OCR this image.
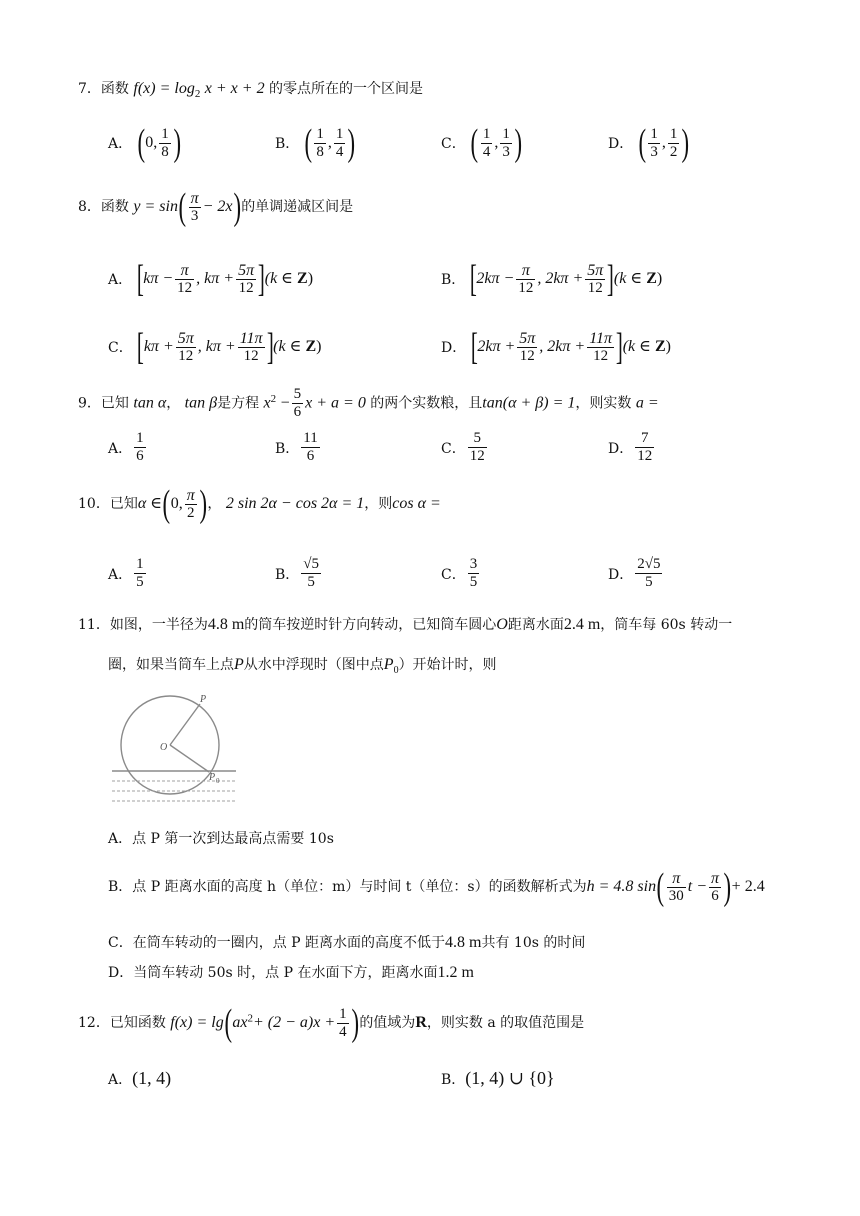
7．函数 $f(x) = \log_2 x + x + 2$ 的零点所在的一个区间是
A． (0, $\frac{1}{8}$ )	B． ( $\frac{1}{8}$ , $\frac{1}{4}$ )	C． ( $\frac{1}{4}$ , $\frac{1}{3}$ )	D． ( $\frac{1}{3}$ , $\frac{1}{2}$ )
8．函数 $y = \sin( \frac{\pi}{3} - 2x)$的单调递减区间是
A． [$k\pi - \frac{\pi}{12}$ , $k\pi + \frac{5\pi}{12} ](k$ ∈ Z)	B． [$2k\pi - \frac{\pi}{12}$ , $2k\pi + \frac{5\pi}{12} ](k$ ∈ Z)
C． [$k\pi + \frac{5\pi}{12}$ , $k\pi + \frac{11\pi}{12} ](k$ ∈ Z)	D． [$2k\pi + \frac{5\pi}{12}$ , $2k\pi + \frac{11\pi}{12} ](k$ ∈ Z)
9．已知 tan α， tan β是方程 $x^2 - \frac{5}{6}$ x + a = 0 的两个实数粮，且tan(α + β) = 1，则实数 a =
A． $\frac{1}{6}$	B． $\frac{11}{6}$	C． $\frac{5}{12}$	D． $\frac{7}{12}$
10．已知α ∈(0, $\frac{\pi}{2}$ )， 2 sin 2α − cos 2α = 1，则cos α =
A． $\frac{1}{5}$	B． $\frac{√5}{5}$	C． $\frac{3}{5}$	D． $\frac{2√5}{5}$
11．如图，一半径为4.8 m的筒车按逆时针方向转动，已知筒车圆心O距离水面2.4 m，筒车每 60s 转动一
圈，如果当筒车上点P从水中浮现时（图中点$P_0$）开始计时，则
P
O
P 0
A．点 P 第一次到达最高点需要 10s
B．点 P 距离水面的高度 h（单位：m）与时间 t（单位：s）的函数解析式为h = 4.8 $\sin( \frac{\pi}{30}$ $t - \frac{\pi}{6}$ )+ 2.4
C．在筒车转动的一圈内，点 P 距离水面的高度不低于4.8 m共有 10s 的时间
D．当筒车转动 50s 时，点 P 在水面下方，距离水面1.2 m
12．已知函数 $f(x) = \lg(ax^2+ (2 - a)x + \frac{1}{4}$ )的值域为R，则实数 a 的取值范围是
A．(1, 4)	B．(1, 4) ∪ {0}
